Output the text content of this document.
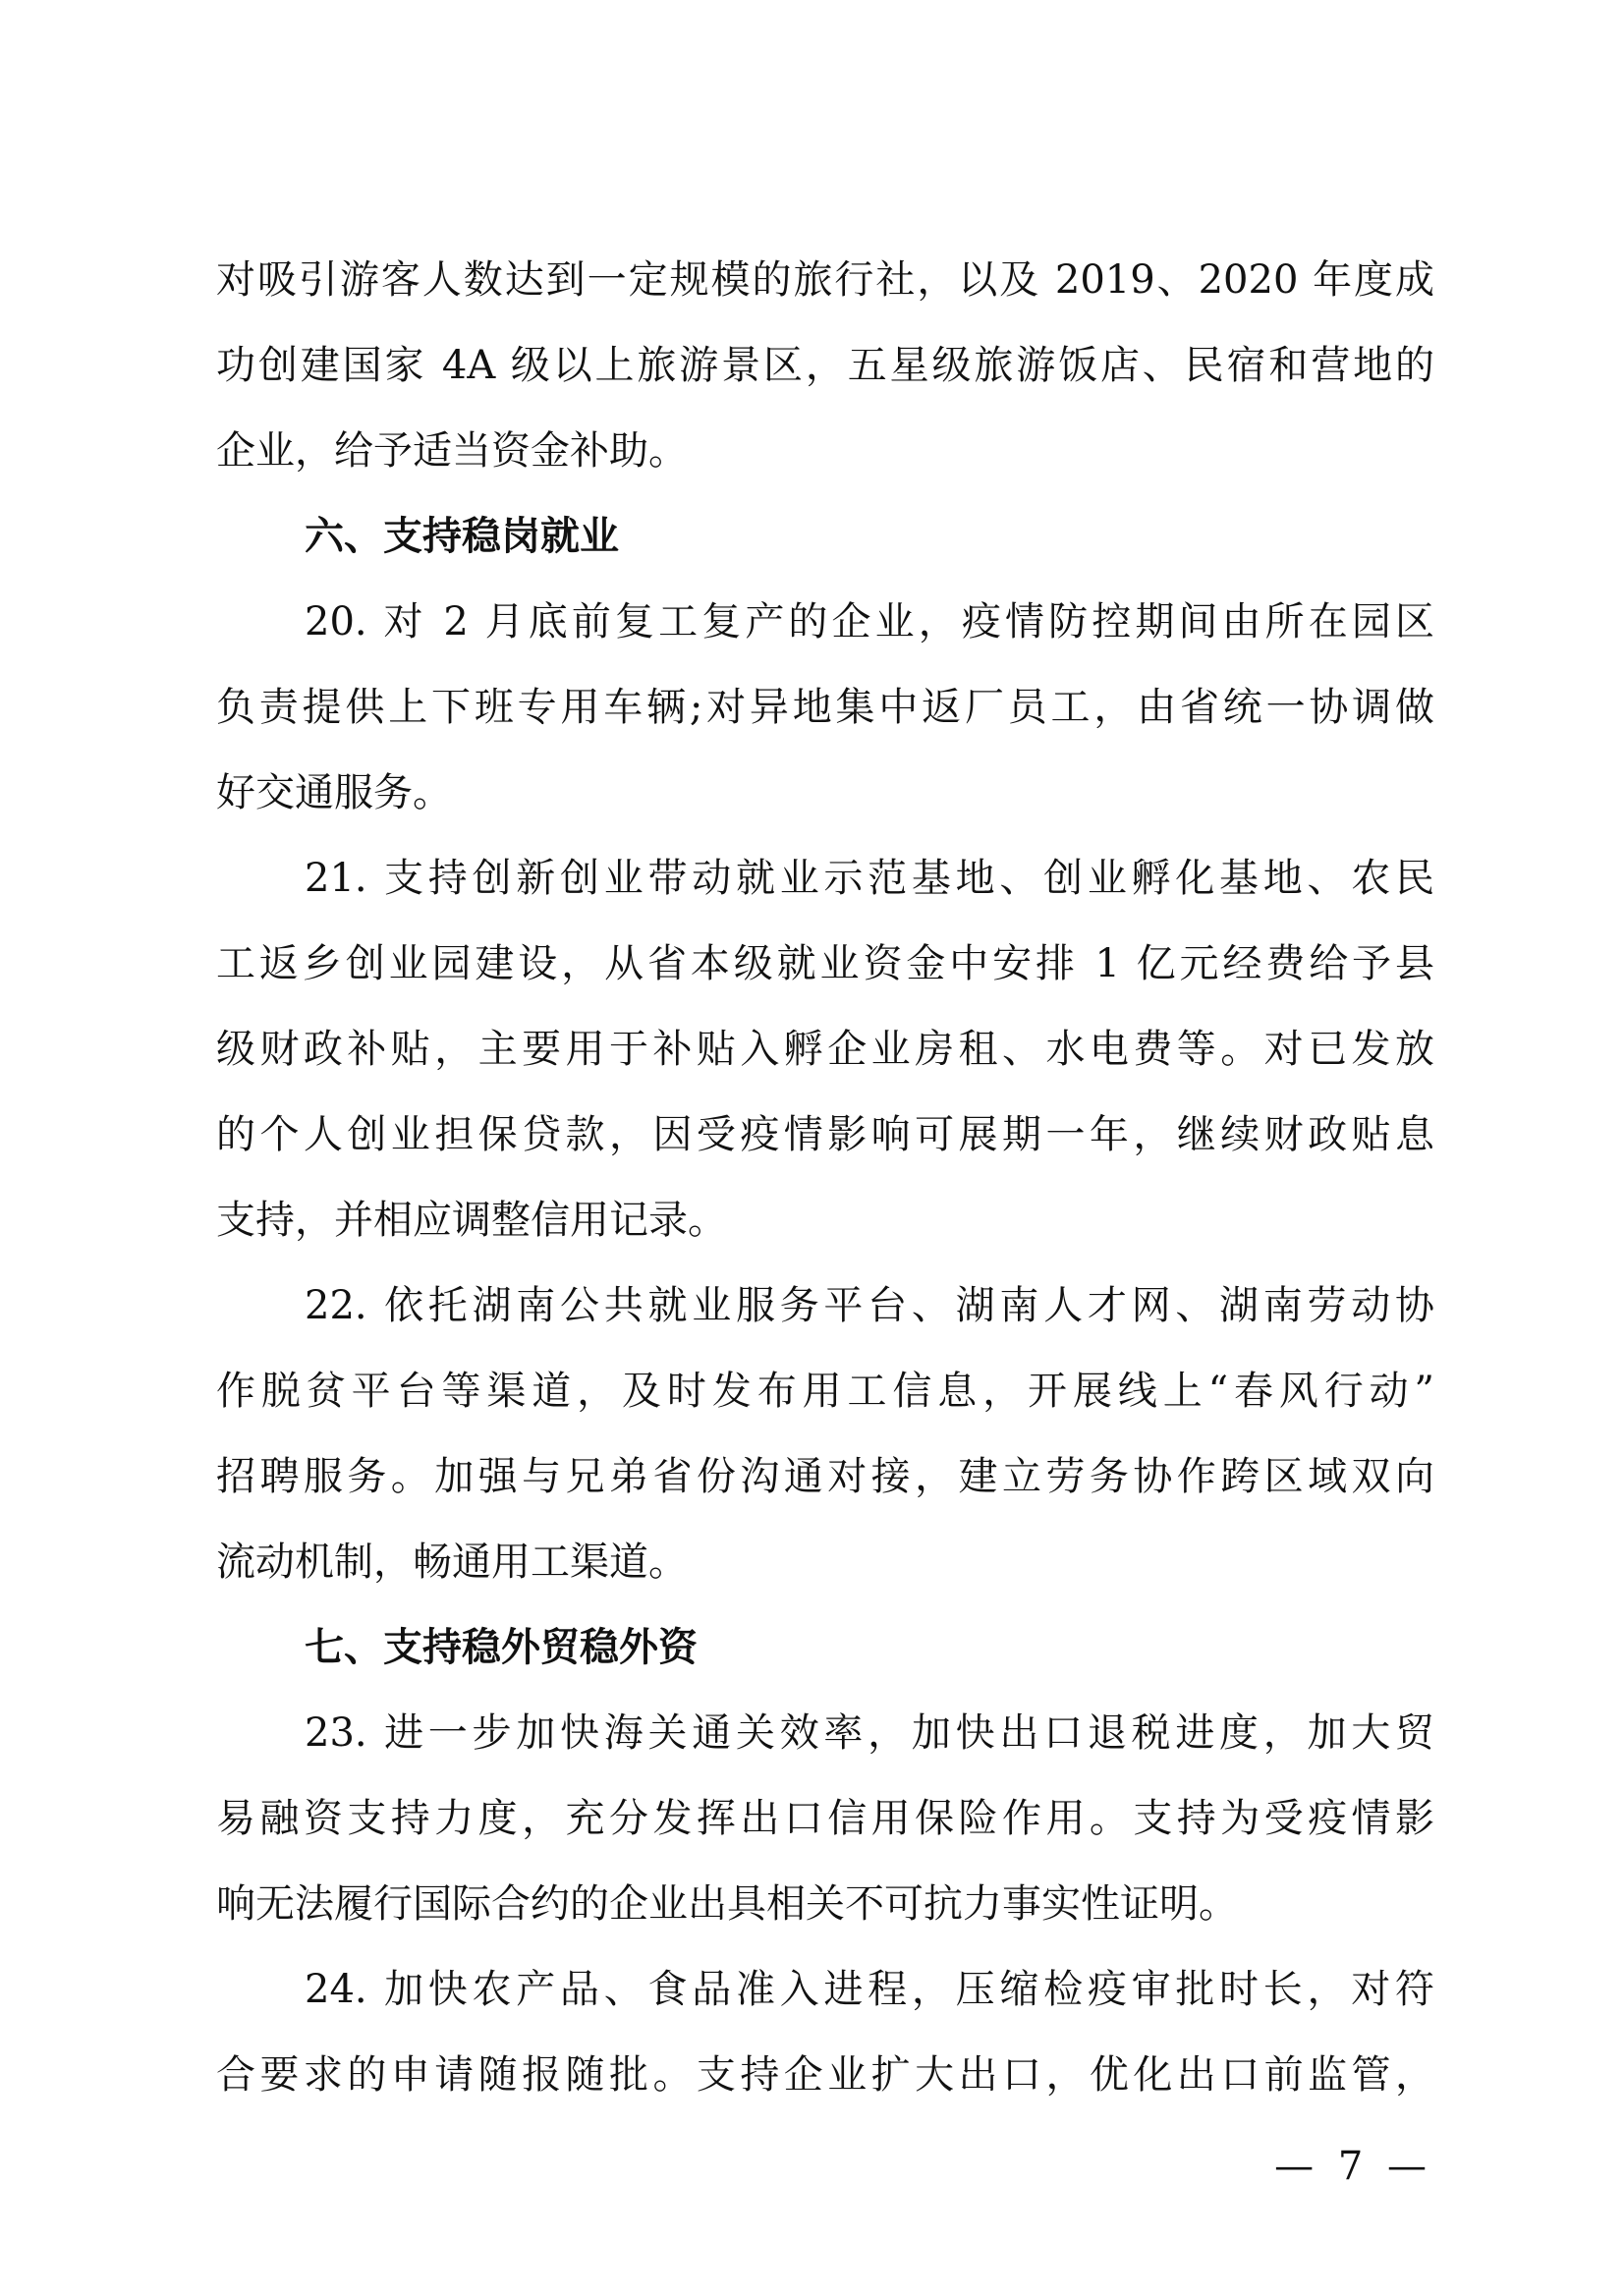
对吸引游客人数达到一定规模的旅行社，以及 2019、2020 年度成
功创建国家 4A 级以上旅游景区，五星级旅游饭店、民宿和营地的
企业，给予适当资金补助。
六、支持稳岗就业
20. 对 2 月底前复工复产的企业，疫情防控期间由所在园区
负责提供上下班专用车辆;对异地集中返厂员工，由省统一协调做
好交通服务。
21. 支持创新创业带动就业示范基地、创业孵化基地、农民
工返乡创业园建设，从省本级就业资金中安排 1 亿元经费给予县
级财政补贴，主要用于补贴入孵企业房租、水电费等。对已发放
的个人创业担保贷款，因受疫情影响可展期一年，继续财政贴息
支持，并相应调整信用记录。
22. 依托湖南公共就业服务平台、湖南人才网、湖南劳动协
作脱贫平台等渠道，及时发布用工信息，开展线上“春风行动”
招聘服务。加强与兄弟省份沟通对接，建立劳务协作跨区域双向
流动机制，畅通用工渠道。
七、支持稳外贸稳外资
23. 进一步加快海关通关效率，加快出口退税进度，加大贸
易融资支持力度，充分发挥出口信用保险作用。支持为受疫情影
响无法履行国际合约的企业出具相关不可抗力事实性证明。
24. 加快农产品、食品准入进程，压缩检疫审批时长，对符
合要求的申请随报随批。支持企业扩大出口，优化出口前监管，
— 7 —
